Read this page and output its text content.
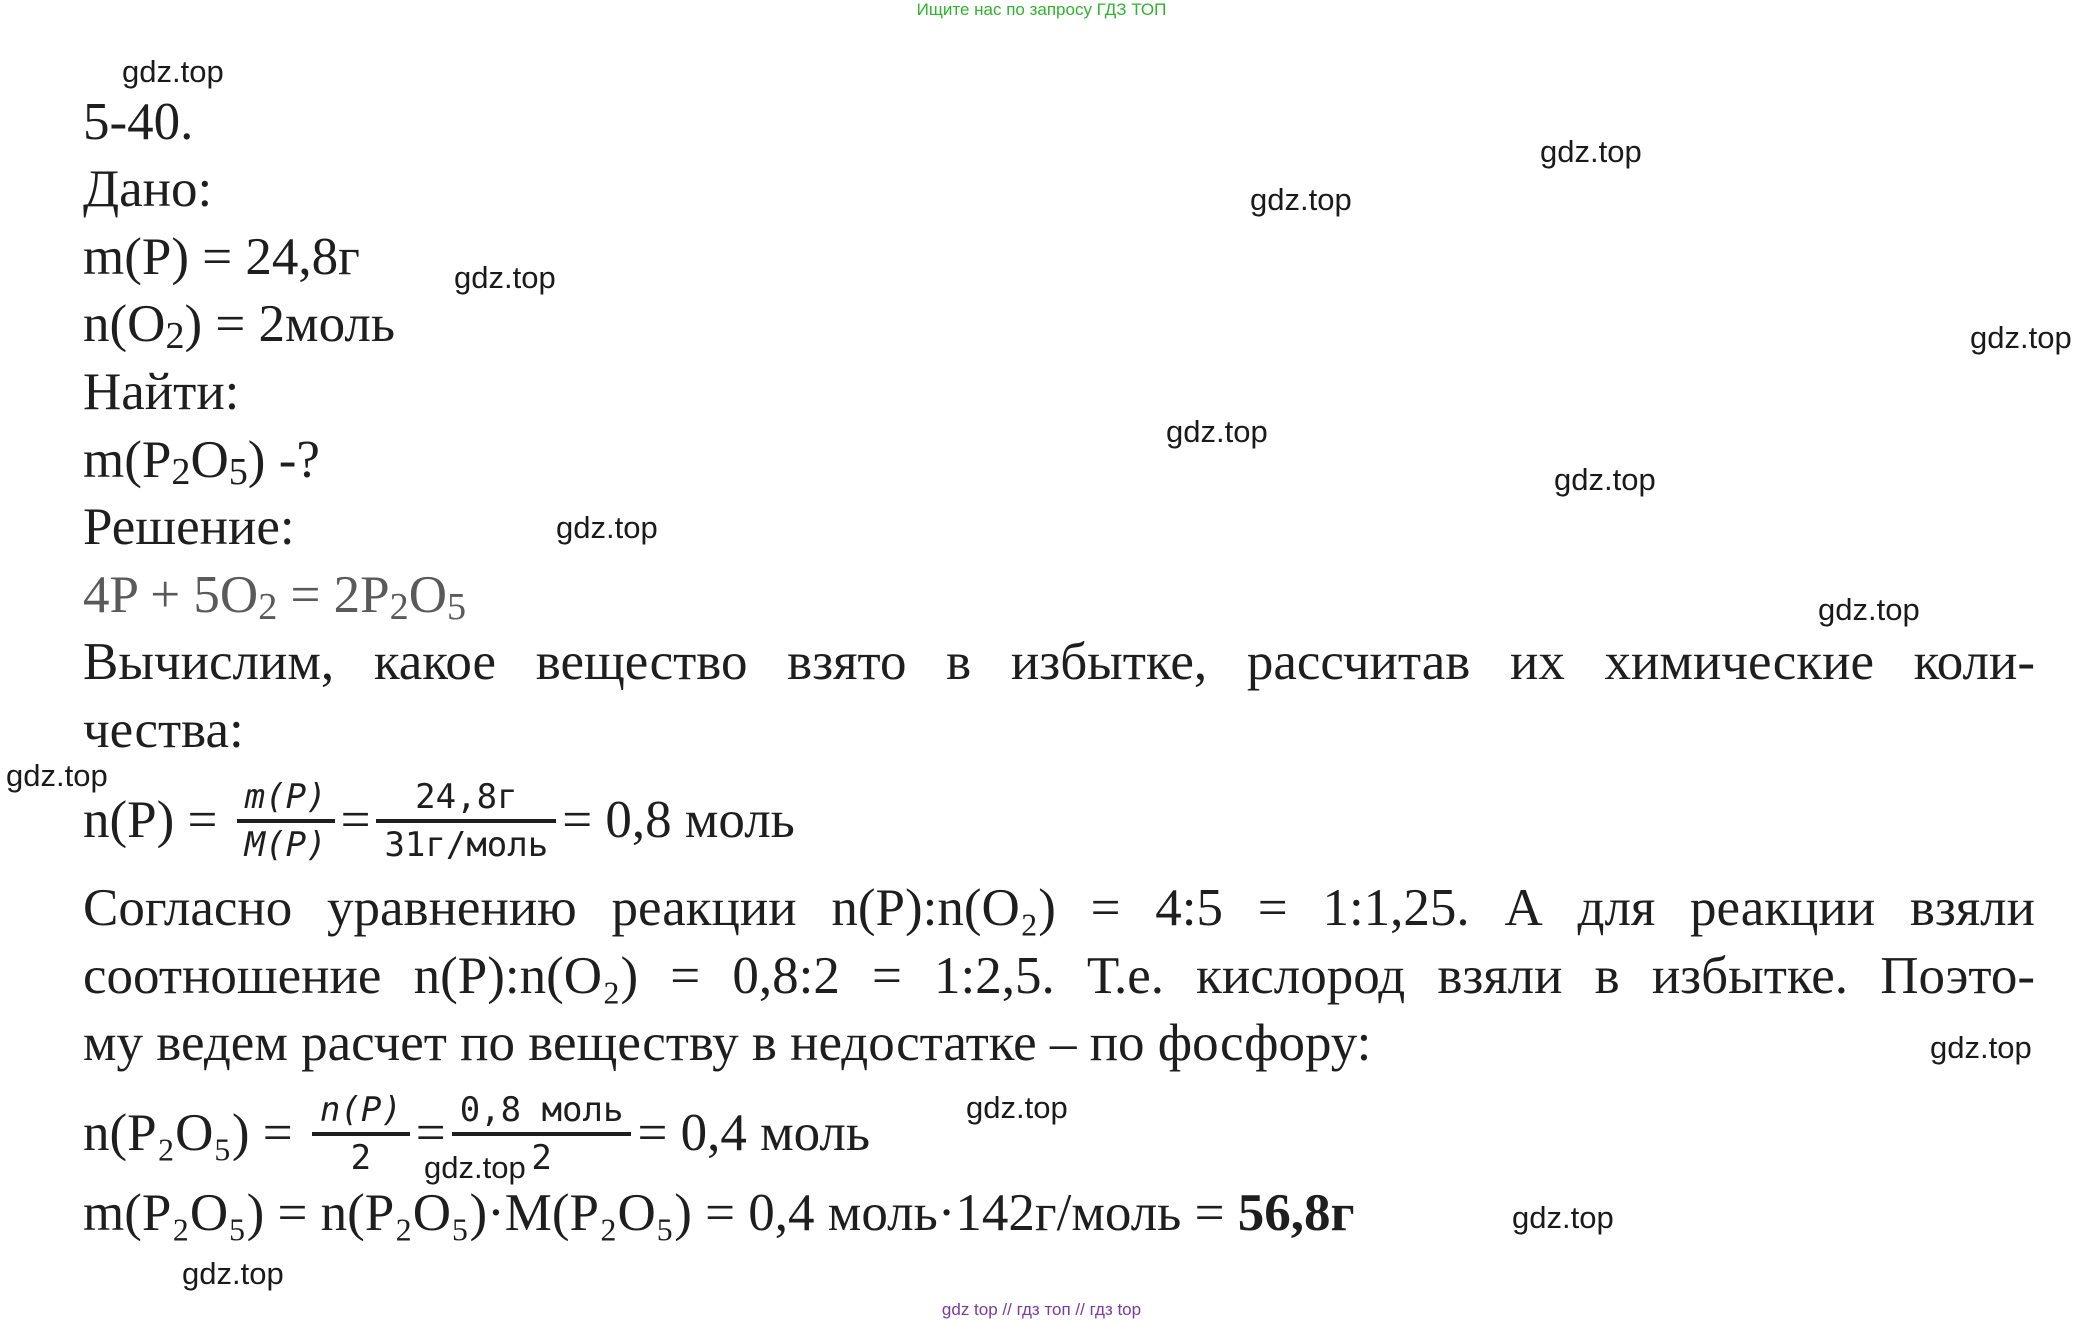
Ищите нас по запросу ГДЗ ТОП
5-40.
Дано:
m(P) = 24,8г
$n(O_2)$ = 2моль
Найти:
$m(P_2O_5)$ -?
Решение:
$4P + 5O_2 = 2P_2O_5$
Вычислим, какое вещество взято в избытке, рассчитав их химические коли-
чества:
$n(P) = \frac{m(P)}{M(P)} = \frac{24,8г}{\text{31г/моль}} = 0,8$ моль
Согласно уравнению реакции n(P):n(O₂) = 4:5 = 1:1,25. А для реакции взяли
соотношение n(P):n(O₂) = 0,8:2 = 1:2,5. Т.е. кислород взяли в избытке. Поэто-
му ведем расчет по веществу в недостатке – по фосфору:
$n(P_2O_5) = \frac{n(P)}{2} = \frac{\text{0,8 моль}}{2} = 0,4$ моль
m(P₂O₅) = n(P₂O₅)·M(P₂O₅) = 0,4 моль·142г/моль = 56,8г
gdz.top
gdz.top
gdz.top
gdz.top
gdz.top
gdz.top
gdz.top
gdz.top
gdz.top
gdz.top
gdz.top
gdz.top
gdz.top
gdz.top
gdz.top
gdz top // гдз топ // гдз top
